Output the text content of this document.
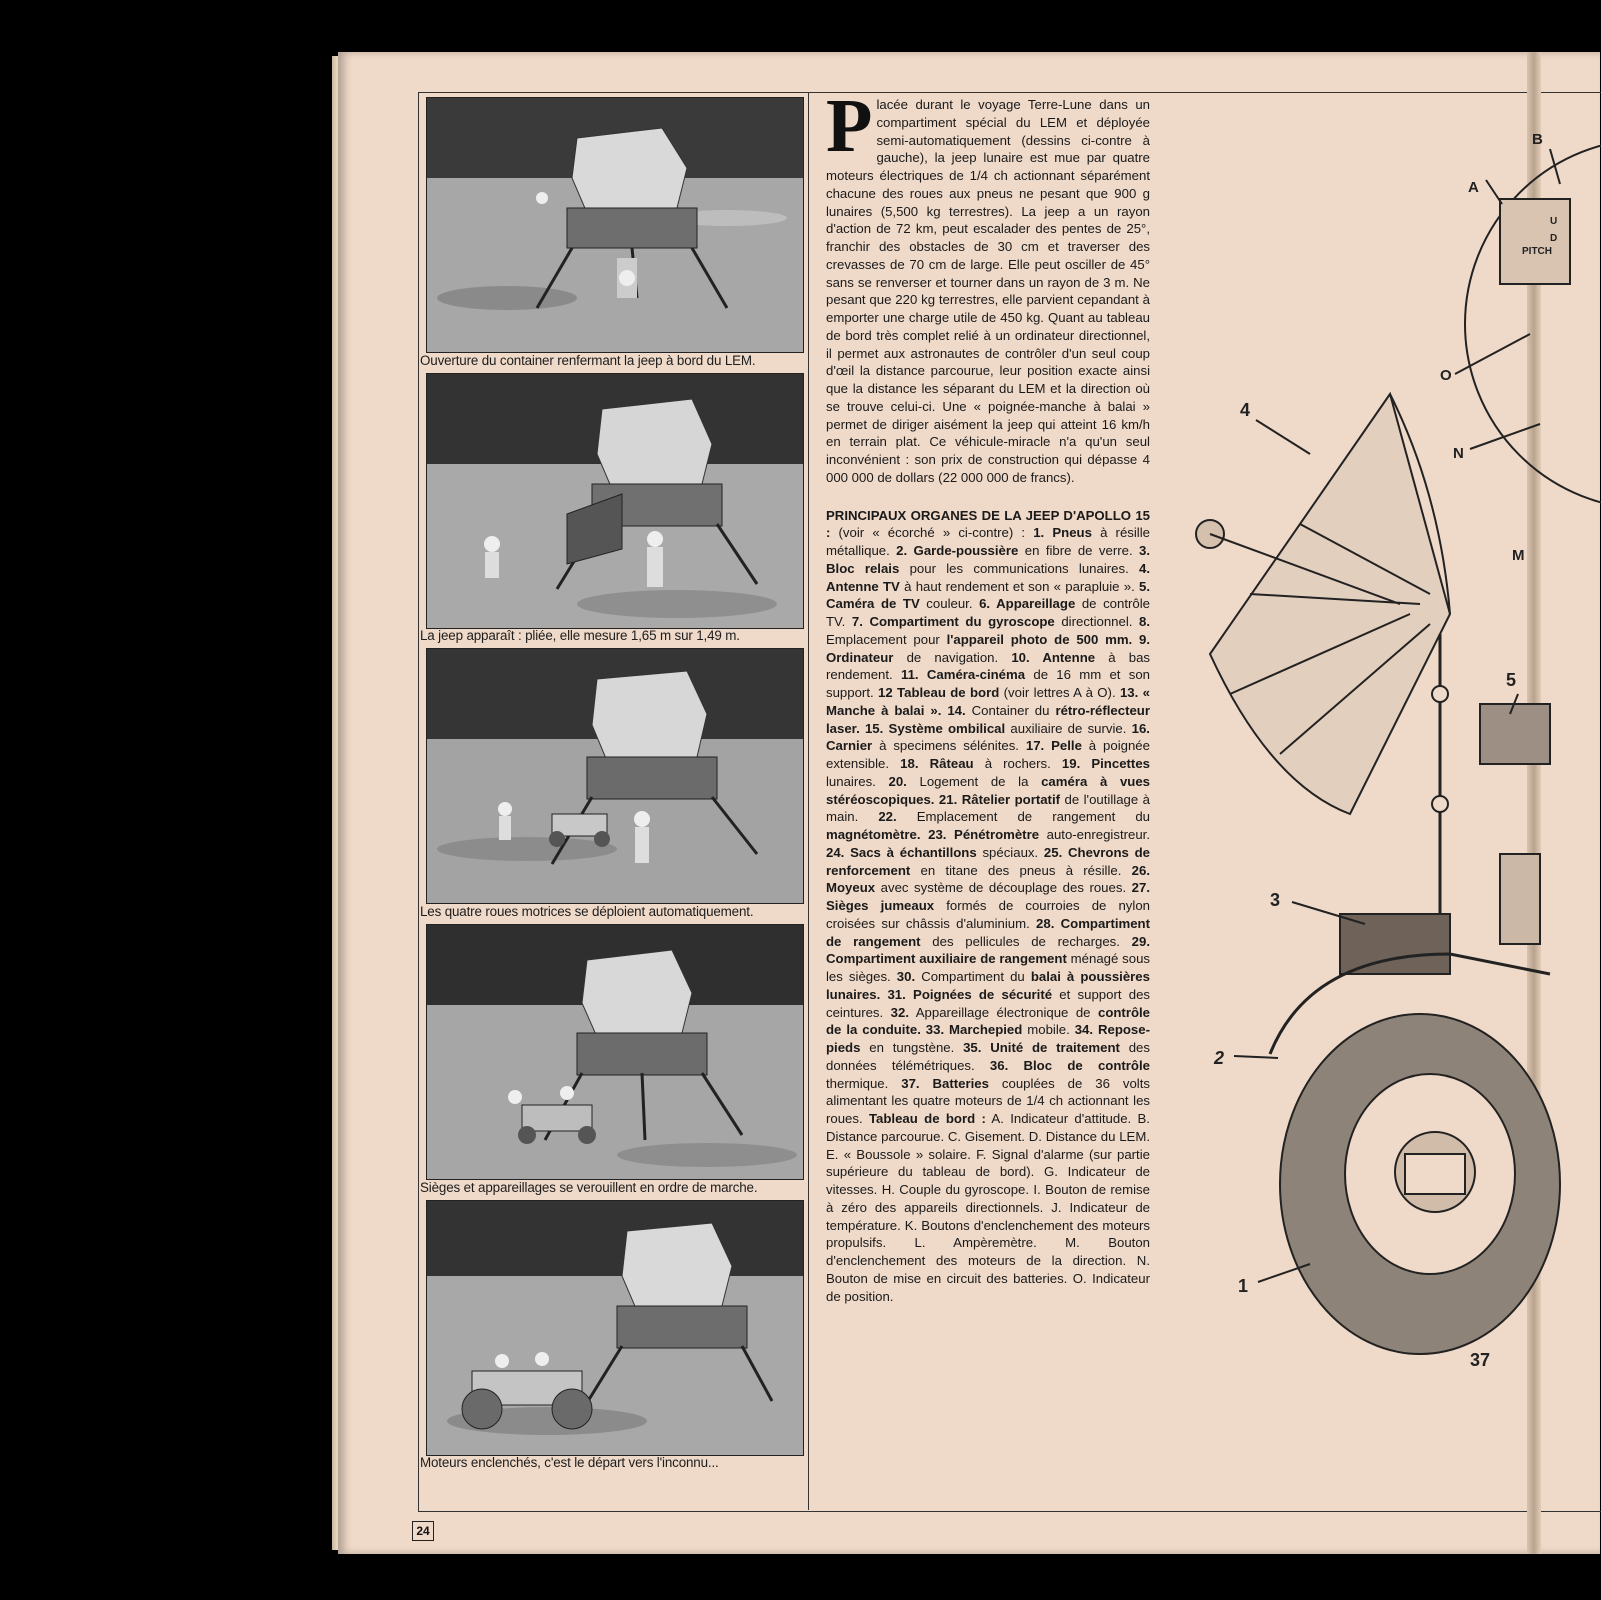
Ouverture du container renfermant la jeep à bord du LEM.
La jeep apparaît : pliée, elle mesure 1,65 m sur 1,49 m.
Les quatre roues motrices se déploient automatiquement.
Sièges et appareillages se verouillent en ordre de marche.
Moteurs enclenchés, c'est le départ vers l'inconnu...

Placée durant le voyage Terre-Lune dans un compartiment spécial du LEM et déployée semi-automatiquement (dessins ci-contre à gauche), la jeep lunaire est mue par quatre moteurs électriques de 1/4 ch actionnant séparément chacune des roues aux pneus ne pesant que 900 g lunaires (5,500 kg terrestres). La jeep a un rayon d'action de 72 km, peut escalader des pentes de 25°, franchir des obstacles de 30 cm et traverser des crevasses de 70 cm de large. Elle peut osciller de 45° sans se renverser et tourner dans un rayon de 3 m. Ne pesant que 220 kg terrestres, elle parvient cepandant à emporter une charge utile de 450 kg. Quant au tableau de bord très complet relié à un ordinateur directionnel, il permet aux astronautes de contrôler d'un seul coup d'œil la distance parcourue, leur position exacte ainsi que la distance les séparant du LEM et la direction où se trouve celui-ci. Une « poignée-manche à balai » permet de diriger aisément la jeep qui atteint 16 km/h en terrain plat. Ce véhicule-miracle n'a qu'un seul inconvénient : son prix de construction qui dépasse 4 000 000 de dollars (22 000 000 de francs).

PRINCIPAUX ORGANES DE LA JEEP D'APOLLO 15 : (voir « écorché » ci-contre) : 1. Pneus à résille métallique. 2. Garde-poussière en fibre de verre. 3. Bloc relais pour les communications lunaires. 4. Antenne TV à haut rendement et son « parapluie ». 5. Caméra de TV couleur. 6. Appareillage de contrôle TV. 7. Compartiment du gyroscope directionnel. 8. Emplacement pour l'appareil photo de 500 mm. 9. Ordinateur de navigation. 10. Antenne à bas rendement. 11. Caméra-cinéma de 16 mm et son support. 12 Tableau de bord (voir lettres A à O). 13. « Manche à balai ». 14. Container du rétro-réflecteur laser. 15. Système ombilical auxiliaire de survie. 16. Carnier à specimens sélénites. 17. Pelle à poignée extensible. 18. Râteau à rochers. 19. Pincettes lunaires. 20. Logement de la caméra à vues stéréoscopiques. 21. Râtelier portatif de l'outillage à main. 22. Emplacement de rangement du magnétomètre. 23. Pénétromètre auto-enregistreur. 24. Sacs à échantillons spéciaux. 25. Chevrons de renforcement en titane des pneus à résille. 26. Moyeux avec système de découplage des roues. 27. Sièges jumeaux formés de courroies de nylon croisées sur châssis d'aluminium. 28. Compartiment de rangement des pellicules de recharges. 29. Compartiment auxiliaire de rangement ménagé sous les sièges. 30. Compartiment du balai à poussières lunaires. 31. Poignées de sécurité et support des ceintures. 32. Appareillage électronique de contrôle de la conduite. 33. Marchepied mobile. 34. Repose-pieds en tungstène. 35. Unité de traitement des données télémétriques. 36. Bloc de contrôle thermique. 37. Batteries couplées de 36 volts alimentant les quatre moteurs de 1/4 ch actionnant les roues. Tableau de bord : A. Indicateur d'attitude. B. Distance parcourue. C. Gisement. D. Distance du LEM. E. « Boussole » solaire. F. Signal d'alarme (sur partie supérieure du tableau de bord). G. Indicateur de vitesses. H. Couple du gyroscope. I. Bouton de remise à zéro des appareils directionnels. J. Indicateur de température. K. Boutons d'enclenchement des moteurs propulsifs. L. Ampèremètre. M. Bouton d'enclenchement des moteurs de la direction. N. Bouton de mise en circuit des batteries. O. Indicateur de position.

24
4
5
3
2
1
37
A
B
O
N
M
U
D
PITCH
